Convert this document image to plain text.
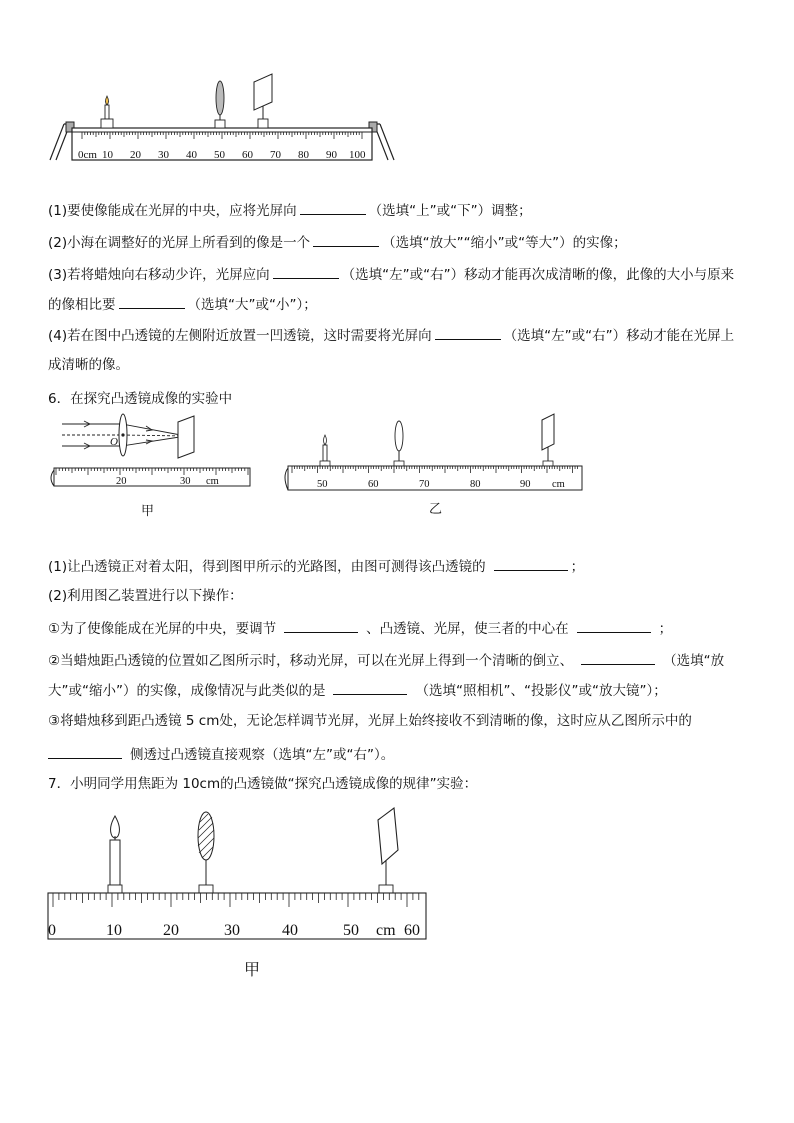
0cm 10 20 30 40 50 60 70 80 90 100
(1)要使像能成在光屏的中央，应将光屏向	（选填“上”或“下”）调整；
(2)小海在调整好的光屏上所看到的像是一个	（选填“放大”“缩小”或“等大”）的实像；
(3)若将蜡烛向右移动少许，光屏应向	（选填“左”或“右”）移动才能再次成清晰的像，此像的大小与原来
的像相比要	（选填“大”或“小”）；
(4)若在图中凸透镜的左侧附近放置一凹透镜，这时需要将光屏向	（选填“左”或“右”）移动才能在光屏上
成清晰的像。
6．在探究凸透镜成像的实验中
O
20	30 cm
甲
50	60	70	80	90 cm
乙
(1)让凸透镜正对着太阳，得到图甲所示的光路图，由图可测得该凸透镜的	；
(2)利用图乙装置进行以下操作：
①为了使像能成在光屏的中央，要调节	、凸透镜、光屏，使三者的中心在	；
②当蜡烛距凸透镜的位置如乙图所示时，移动光屏，可以在光屏上得到一个清晰的倒立、	（选填“放
大”或“缩小”）的实像，成像情况与此类似的是	（选填“照相机”、“投影仪”或“放大镜”）；
③将蜡烛移到距凸透镜 5 cm处，无论怎样调节光屏，光屏上始终接收不到清晰的像，这时应从乙图所示中的
侧透过凸透镜直接观察（选填“左”或“右”）。
7．小明同学用焦距为 10cm的凸透镜做“探究凸透镜成像的规律”实验：
0	10	20	30	40	50 cm 60
甲
